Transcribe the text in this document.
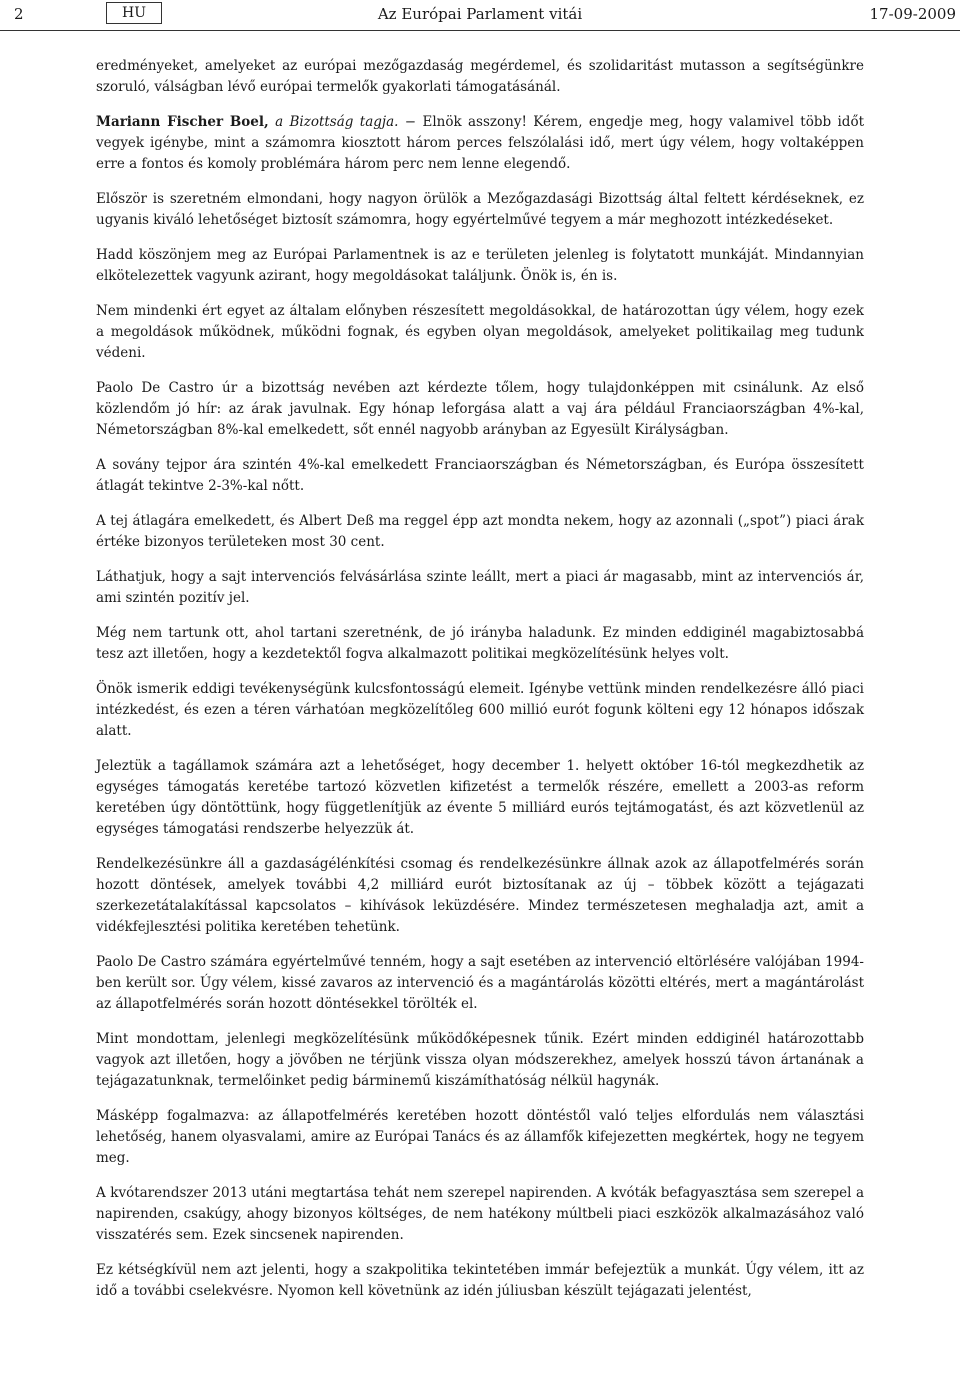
2	HU	Az Európai Parlament vitái	17-09-2009

eredményeket, amelyeket az európai mezőgazdaság megérdemel, és szolidaritást mutasson a segítségünkre szoruló, válságban lévő európai termelők gyakorlati támogatásánál.

Mariann Fischer Boel, a Bizottság tagja. − Elnök asszony! Kérem, engedje meg, hogy valamivel több időt vegyek igénybe, mint a számomra kiosztott három perces felszólalási idő, mert úgy vélem, hogy voltaképpen erre a fontos és komoly problémára három perc nem lenne elegendő.

Először is szeretném elmondani, hogy nagyon örülök a Mezőgazdasági Bizottság által feltett kérdéseknek, ez ugyanis kiváló lehetőséget biztosít számomra, hogy egyértelművé tegyem a már meghozott intézkedéseket.

Hadd köszönjem meg az Európai Parlamentnek is az e területen jelenleg is folytatott munkáját. Mindannyian elkötelezettek vagyunk azirant, hogy megoldásokat találjunk. Önök is, én is.

Nem mindenki ért egyet az általam előnyben részesített megoldásokkal, de határozottan úgy vélem, hogy ezek a megoldások működnek, működni fognak, és egyben olyan megoldások, amelyeket politikailag meg tudunk védeni.

Paolo De Castro úr a bizottság nevében azt kérdezte tőlem, hogy tulajdonképpen mit csinálunk. Az első közlendőm jó hír: az árak javulnak. Egy hónap leforgása alatt a vaj ára például Franciaországban 4%-kal, Németországban 8%-kal emelkedett, sőt ennél nagyobb arányban az Egyesült Királyságban.

A sovány tejpor ára szintén 4%-kal emelkedett Franciaországban és Németországban, és Európa összesített átlagát tekintve 2-3%-kal nőtt.

A tej átlagára emelkedett, és Albert Deß ma reggel épp azt mondta nekem, hogy az azonnali („spot”) piaci árak értéke bizonyos területeken most 30 cent.

Láthatjuk, hogy a sajt intervenciós felvásárlása szinte leállt, mert a piaci ár magasabb, mint az intervenciós ár, ami szintén pozitív jel.

Még nem tartunk ott, ahol tartani szeretnénk, de jó irányba haladunk. Ez minden eddiginél magabiztosabbá tesz azt illetően, hogy a kezdetektől fogva alkalmazott politikai megközelítésünk helyes volt.

Önök ismerik eddigi tevékenységünk kulcsfontosságú elemeit. Igénybe vettünk minden rendelkezésre álló piaci intézkedést, és ezen a téren várhatóan megközelítőleg 600 millió eurót fogunk költeni egy 12 hónapos időszak alatt.

Jeleztük a tagállamok számára azt a lehetőséget, hogy december 1. helyett október 16-tól megkezdhetik az egységes támogatás keretébe tartozó közvetlen kifizetést a termelők részére, emellett a 2003-as reform keretében úgy döntöttünk, hogy függetlenítjük az évente 5 milliárd eurós tejtámogatást, és azt közvetlenül az egységes támogatási rendszerbe helyezzük át.

Rendelkezésünkre áll a gazdaságélénkítési csomag és rendelkezésünkre állnak azok az állapotfelmérés során hozott döntések, amelyek további 4,2 milliárd eurót biztosítanak az új – többek között a tejágazati szerkezetátalakítással kapcsolatos – kihívások leküzdésére. Mindez természetesen meghaladja azt, amit a vidékfejlesztési politika keretében tehetünk.

Paolo De Castro számára egyértelművé tenném, hogy a sajt esetében az intervenció eltörlésére valójában 1994-ben került sor. Úgy vélem, kissé zavaros az intervenció és a magántárolás közötti eltérés, mert a magántárolást az állapotfelmérés során hozott döntésekkel törölték el.

Mint mondottam, jelenlegi megközelítésünk működőképesnek tűnik. Ezért minden eddiginél határozottabb vagyok azt illetően, hogy a jövőben ne térjünk vissza olyan módszerekhez, amelyek hosszú távon ártanának a tejágazatunknak, termelőinket pedig bárminemű kiszámíthatóság nélkül hagynák.

Másképp fogalmazva: az állapotfelmérés keretében hozott döntéstől való teljes elfordulás nem választási lehetőség, hanem olyasvalami, amire az Európai Tanács és az államfők kifejezetten megkértek, hogy ne tegyem meg.

A kvótarendszer 2013 utáni megtartása tehát nem szerepel napirenden. A kvóták befagyasztása sem szerepel a napirenden, csakúgy, ahogy bizonyos költséges, de nem hatékony múltbeli piaci eszközök alkalmazásához való visszatérés sem. Ezek sincsenek napirenden.

Ez kétségkívül nem azt jelenti, hogy a szakpolitika tekintetében immár befejeztük a munkát. Úgy vélem, itt az idő a további cselekvésre. Nyomon kell követnünk az idén júliusban készült tejágazati jelentést,
